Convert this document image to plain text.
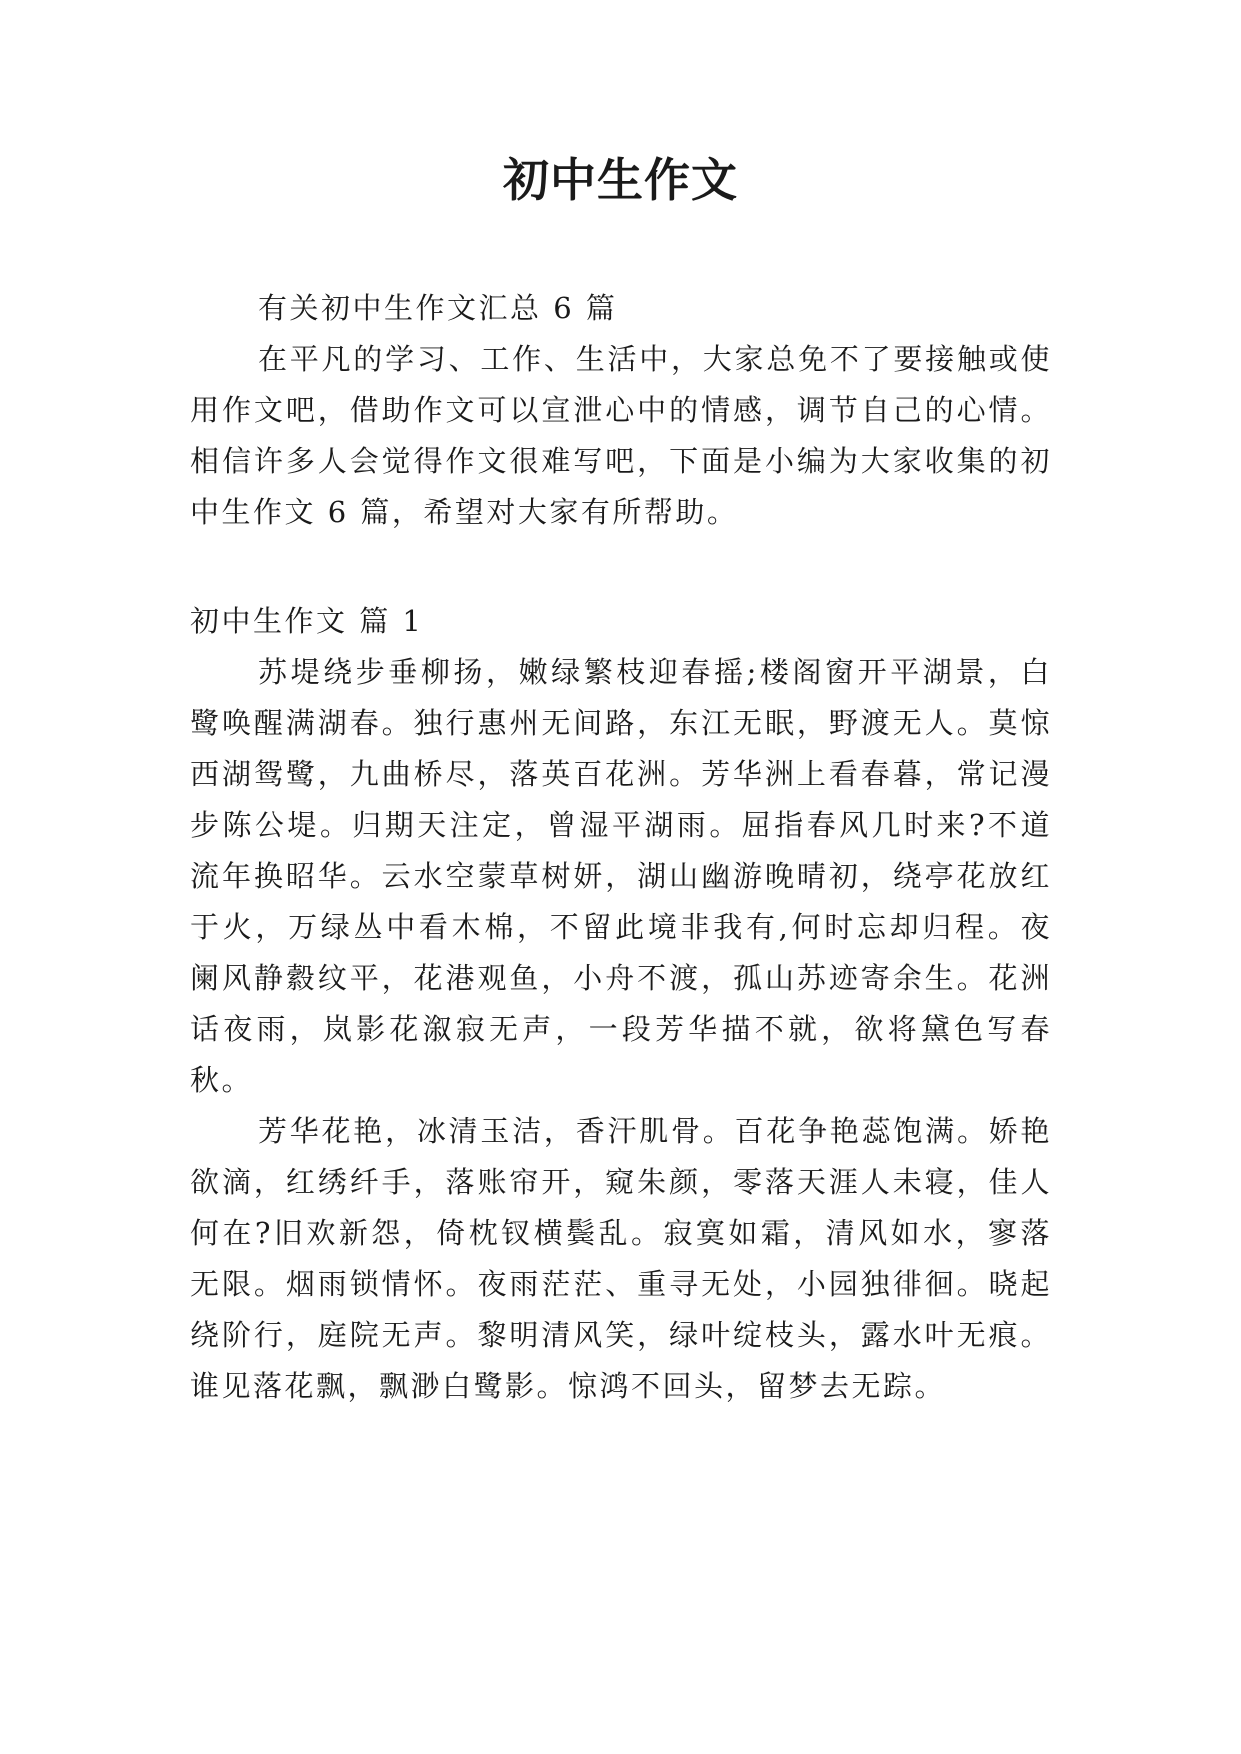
初中生作文

有关初中生作文汇总 6 篇

在平凡的学习、工作、生活中，大家总免不了要接触或使用作文吧，借助作文可以宣泄心中的情感，调节自己的心情。相信许多人会觉得作文很难写吧，下面是小编为大家收集的初中生作文 6 篇，希望对大家有所帮助。

初中生作文 篇 1

苏堤绕步垂柳扬，嫩绿繁枝迎春摇;楼阁窗开平湖景，白鹭唤醒满湖春。独行惠州无间路，东江无眠，野渡无人。莫惊西湖鸳鹭，九曲桥尽，落英百花洲。芳华洲上看春暮，常记漫步陈公堤。归期天注定，曾湿平湖雨。屈指春风几时来?不道流年换昭华。云水空蒙草树妍，湖山幽游晚晴初，绕亭花放红于火，万绿丛中看木棉，不留此境非我有,何时忘却归程。夜阑风静縠纹平，花港观鱼，小舟不渡，孤山苏迹寄余生。花洲话夜雨，岚影花溆寂无声，一段芳华描不就，欲将黛色写春秋。

芳华花艳，冰清玉洁，香汗肌骨。百花争艳蕊饱满。娇艳欲滴，红绣纤手，落账帘开，窥朱颜，零落天涯人未寝，佳人何在?旧欢新怨，倚枕钗横鬓乱。寂寞如霜，清风如水，寥落无限。烟雨锁情怀。夜雨茫茫、重寻无处，小园独徘徊。晓起绕阶行，庭院无声。黎明清风笑，绿叶绽枝头，露水叶无痕。谁见落花飘，飘渺白鹭影。惊鸿不回头，留梦去无踪。
